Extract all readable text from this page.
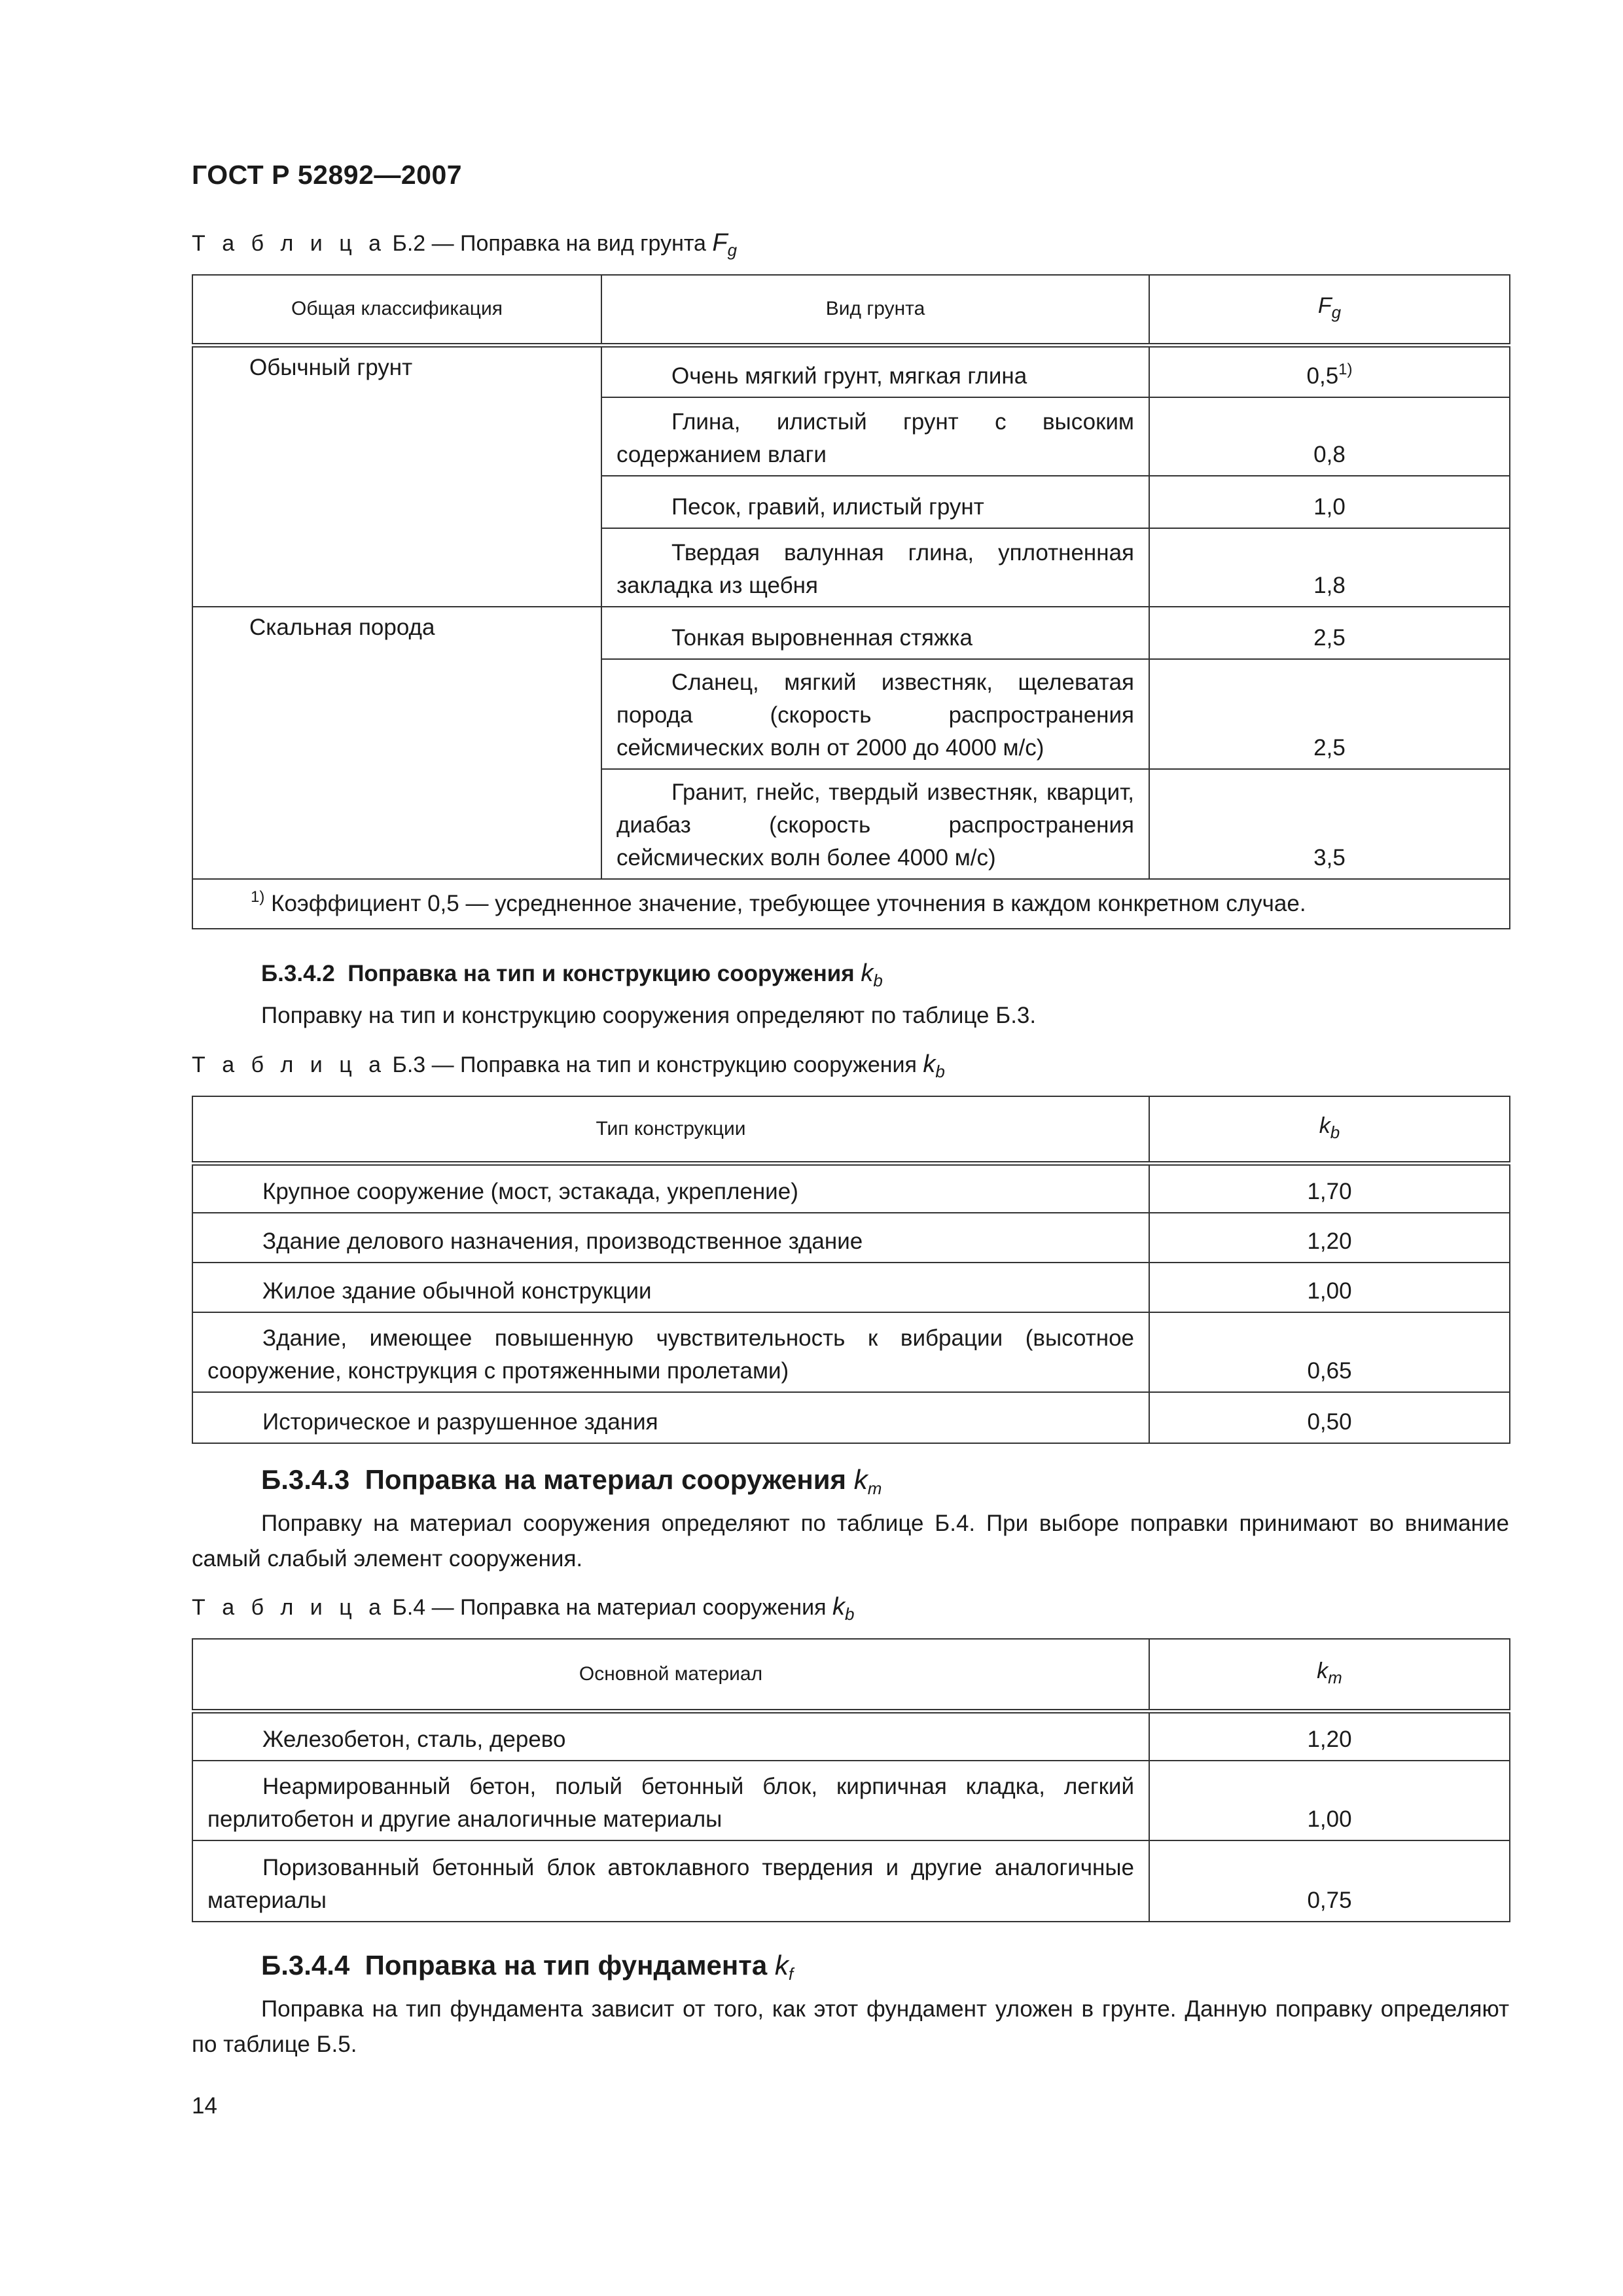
ГОСТ Р 52892—2007
Т а б л и ц а Б.2 — Поправка на вид грунта $F_g$
Общая классификация	Вид грунта	$F_g$
Обычный грунт	Очень мягкий грунт, мягкая глина	0,5$^{1)}$
	Глина, илистый грунт с высоким содержанием влаги	0,8
	Песок, гравий, илистый грунт	1,0
	Твердая валунная глина, уплотненная закладка из щебня	1,8
Скальная порода	Тонкая выровненная стяжка	2,5
	Сланец, мягкий известняк, щелеватая порода (скорость распространения сейсмических волн от 2000 до 4000 м/с)	2,5
	Гранит, гнейс, твердый известняк, кварцит, диабаз (скорость распространения сейсмических волн более 4000 м/с)	3,5
$^{1)}$ Коэффициент 0,5 — усредненное значение, требующее уточнения в каждом конкретном случае.		
Б.3.4.2 Поправка на тип и конструкцию сооружения $k_b$
Поправку на тип и конструкцию сооружения определяют по таблице Б.3.
Т а б л и ц а Б.3 — Поправка на тип и конструкцию сооружения $k_b$
Тип конструкции	$k_b$
Крупное сооружение (мост, эстакада, укрепление)	1,70
Здание делового назначения, производственное здание	1,20
Жилое здание обычной конструкции	1,00
Здание, имеющее повышенную чувствительность к вибрации (высотное сооружение, конструкция с протяженными пролетами)	0,65
Историческое и разрушенное здания	0,50
Б.3.4.3 Поправка на материал сооружения $k_m$
Поправку на материал сооружения определяют по таблице Б.4. При выборе поправки принимают во внимание самый слабый элемент сооружения.
Т а б л и ц а Б.4 — Поправка на материал сооружения $k_b$
Основной материал	$k_m$
Железобетон, сталь, дерево	1,20
Неармированный бетон, полый бетонный блок, кирпичная кладка, легкий перлитобетон и другие аналогичные материалы	1,00
Поризованный бетонный блок автоклавного твердения и другие аналогичные материалы	0,75
Б.3.4.4 Поправка на тип фундамента $k_f$
Поправка на тип фундамента зависит от того, как этот фундамент уложен в грунте. Данную поправку определяют по таблице Б.5.
14
